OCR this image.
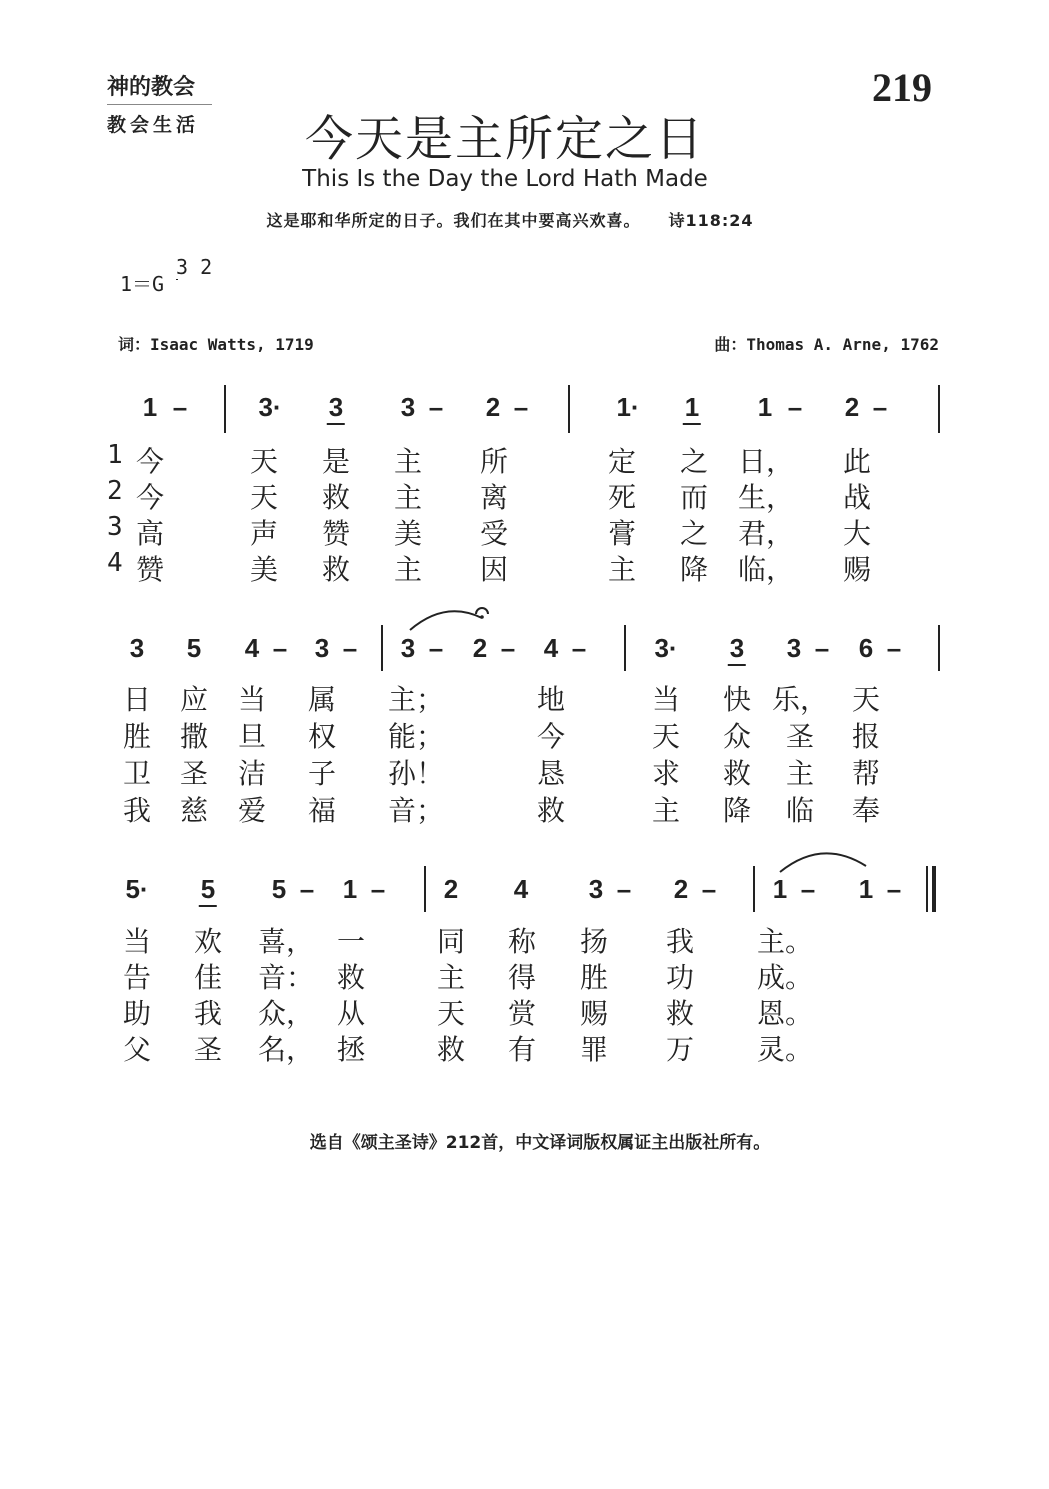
神的教会
教会生活
219
今天是主所定之日
This Is the Day the Lord Hath Made
这是耶和华所定的日子。我们在其中要高兴欢喜。 诗118:24
1＝G
3 2
词：Isaac Watts, 1719	曲：Thomas A. Arne, 1762
1 –	3· 3 3 – 2 –	1· 1 1 – 2 –
1 今	天 是 主 所	定 之 日， 此
2 今	天 救 主 离	死 而 生， 战
3 高	声 赞 美 受	膏 之 君， 大
4 赞	美 救 主 因	主 降 临， 赐
3 5 4 – 3 – 3 – 2 – 4 –	3· 3 3 – 6 –
日 应 当 属 主；	地	当 快 乐， 天
胜 撒 旦 权 能；	今	天 众 圣 报
卫 圣 洁 子 孙！	恳	求 救 主 帮
我 慈 爱 福 音；	救	主 降 临 奉
5· 5 5 – 1 – 2 4 3 – 2 – 1 – 1 –
当 欢 喜， 一	同 称 扬 我 主。
告 佳 音： 救	主 得 胜 功 成。
助 我 众， 从	天 赏 赐 救 恩。
父 圣 名， 拯	救 有 罪 万 灵。
选自《颂主圣诗》212首，中文译词版权属证主出版社所有。
